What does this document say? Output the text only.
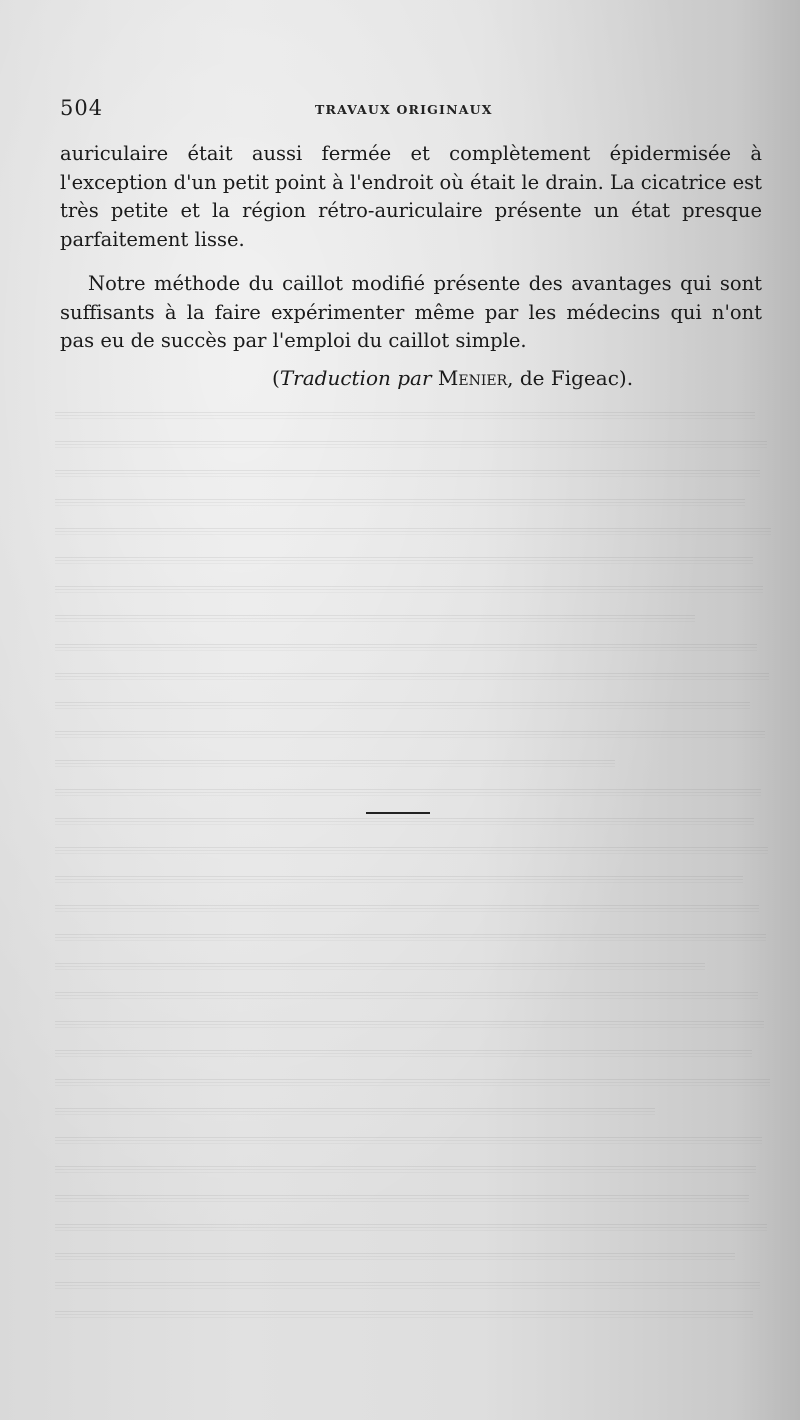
504	TRAVAUX ORIGINAUX

auriculaire était aussi fermée et complètement épidermisée à l'exception d'un petit point à l'endroit où était le drain. La cicatrice est très petite et la région rétro-auriculaire présente un état presque parfaitement lisse.

Notre méthode du caillot modifié présente des avantages qui sont suffisants à la faire expérimenter même par les médecins qui n'ont pas eu de succès par l'emploi du caillot simple.

(Traduction par Menier, de Figeac).
